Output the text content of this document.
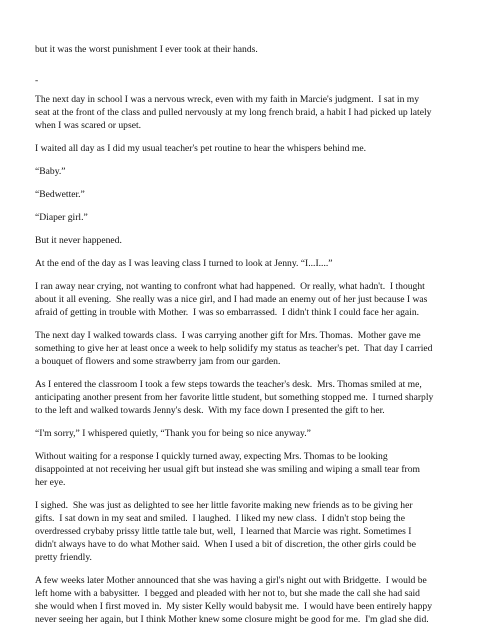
but it was the worst punishment I ever took at their hands.
-
The next day in school I was a nervous wreck, even with my faith in Marcie's judgment.  I sat in my
seat at the front of the class and pulled nervously at my long french braid, a habit I had picked up lately
when I was scared or upset.
I waited all day as I did my usual teacher's pet routine to hear the whispers behind me.
“Baby.”
“Bedwetter.”
“Diaper girl.”
But it never happened.
At the end of the day as I was leaving class I turned to look at Jenny. “I...I....”
I ran away near crying, not wanting to confront what had happened.  Or really, what hadn't.  I thought
about it all evening.  She really was a nice girl, and I had made an enemy out of her just because I was
afraid of getting in trouble with Mother.  I was so embarrassed.  I didn't think I could face her again.
The next day I walked towards class.  I was carrying another gift for Mrs. Thomas.  Mother gave me
something to give her at least once a week to help solidify my status as teacher's pet.  That day I carried
a bouquet of flowers and some strawberry jam from our garden.
As I entered the classroom I took a few steps towards the teacher's desk.  Mrs. Thomas smiled at me,
anticipating another present from her favorite little student, but something stopped me.  I turned sharply
to the left and walked towards Jenny's desk.  With my face down I presented the gift to her.
“I'm sorry,” I whispered quietly, “Thank you for being so nice anyway.”
Without waiting for a response I quickly turned away, expecting Mrs. Thomas to be looking
disappointed at not receiving her usual gift but instead she was smiling and wiping a small tear from
her eye.
I sighed.  She was just as delighted to see her little favorite making new friends as to be giving her
gifts.  I sat down in my seat and smiled.  I laughed.  I liked my new class.  I didn't stop being the
overdressed crybaby prissy little tattle tale but, well,  I learned that Marcie was right. Sometimes I
didn't always have to do what Mother said.  When I used a bit of discretion, the other girls could be
pretty friendly.
A few weeks later Mother announced that she was having a girl's night out with Bridgette.  I would be
left home with a babysitter.  I begged and pleaded with her not to, but she made the call she had said
she would when I first moved in.  My sister Kelly would babysit me.  I would have been entirely happy
never seeing her again, but I think Mother knew some closure might be good for me.  I'm glad she did.
